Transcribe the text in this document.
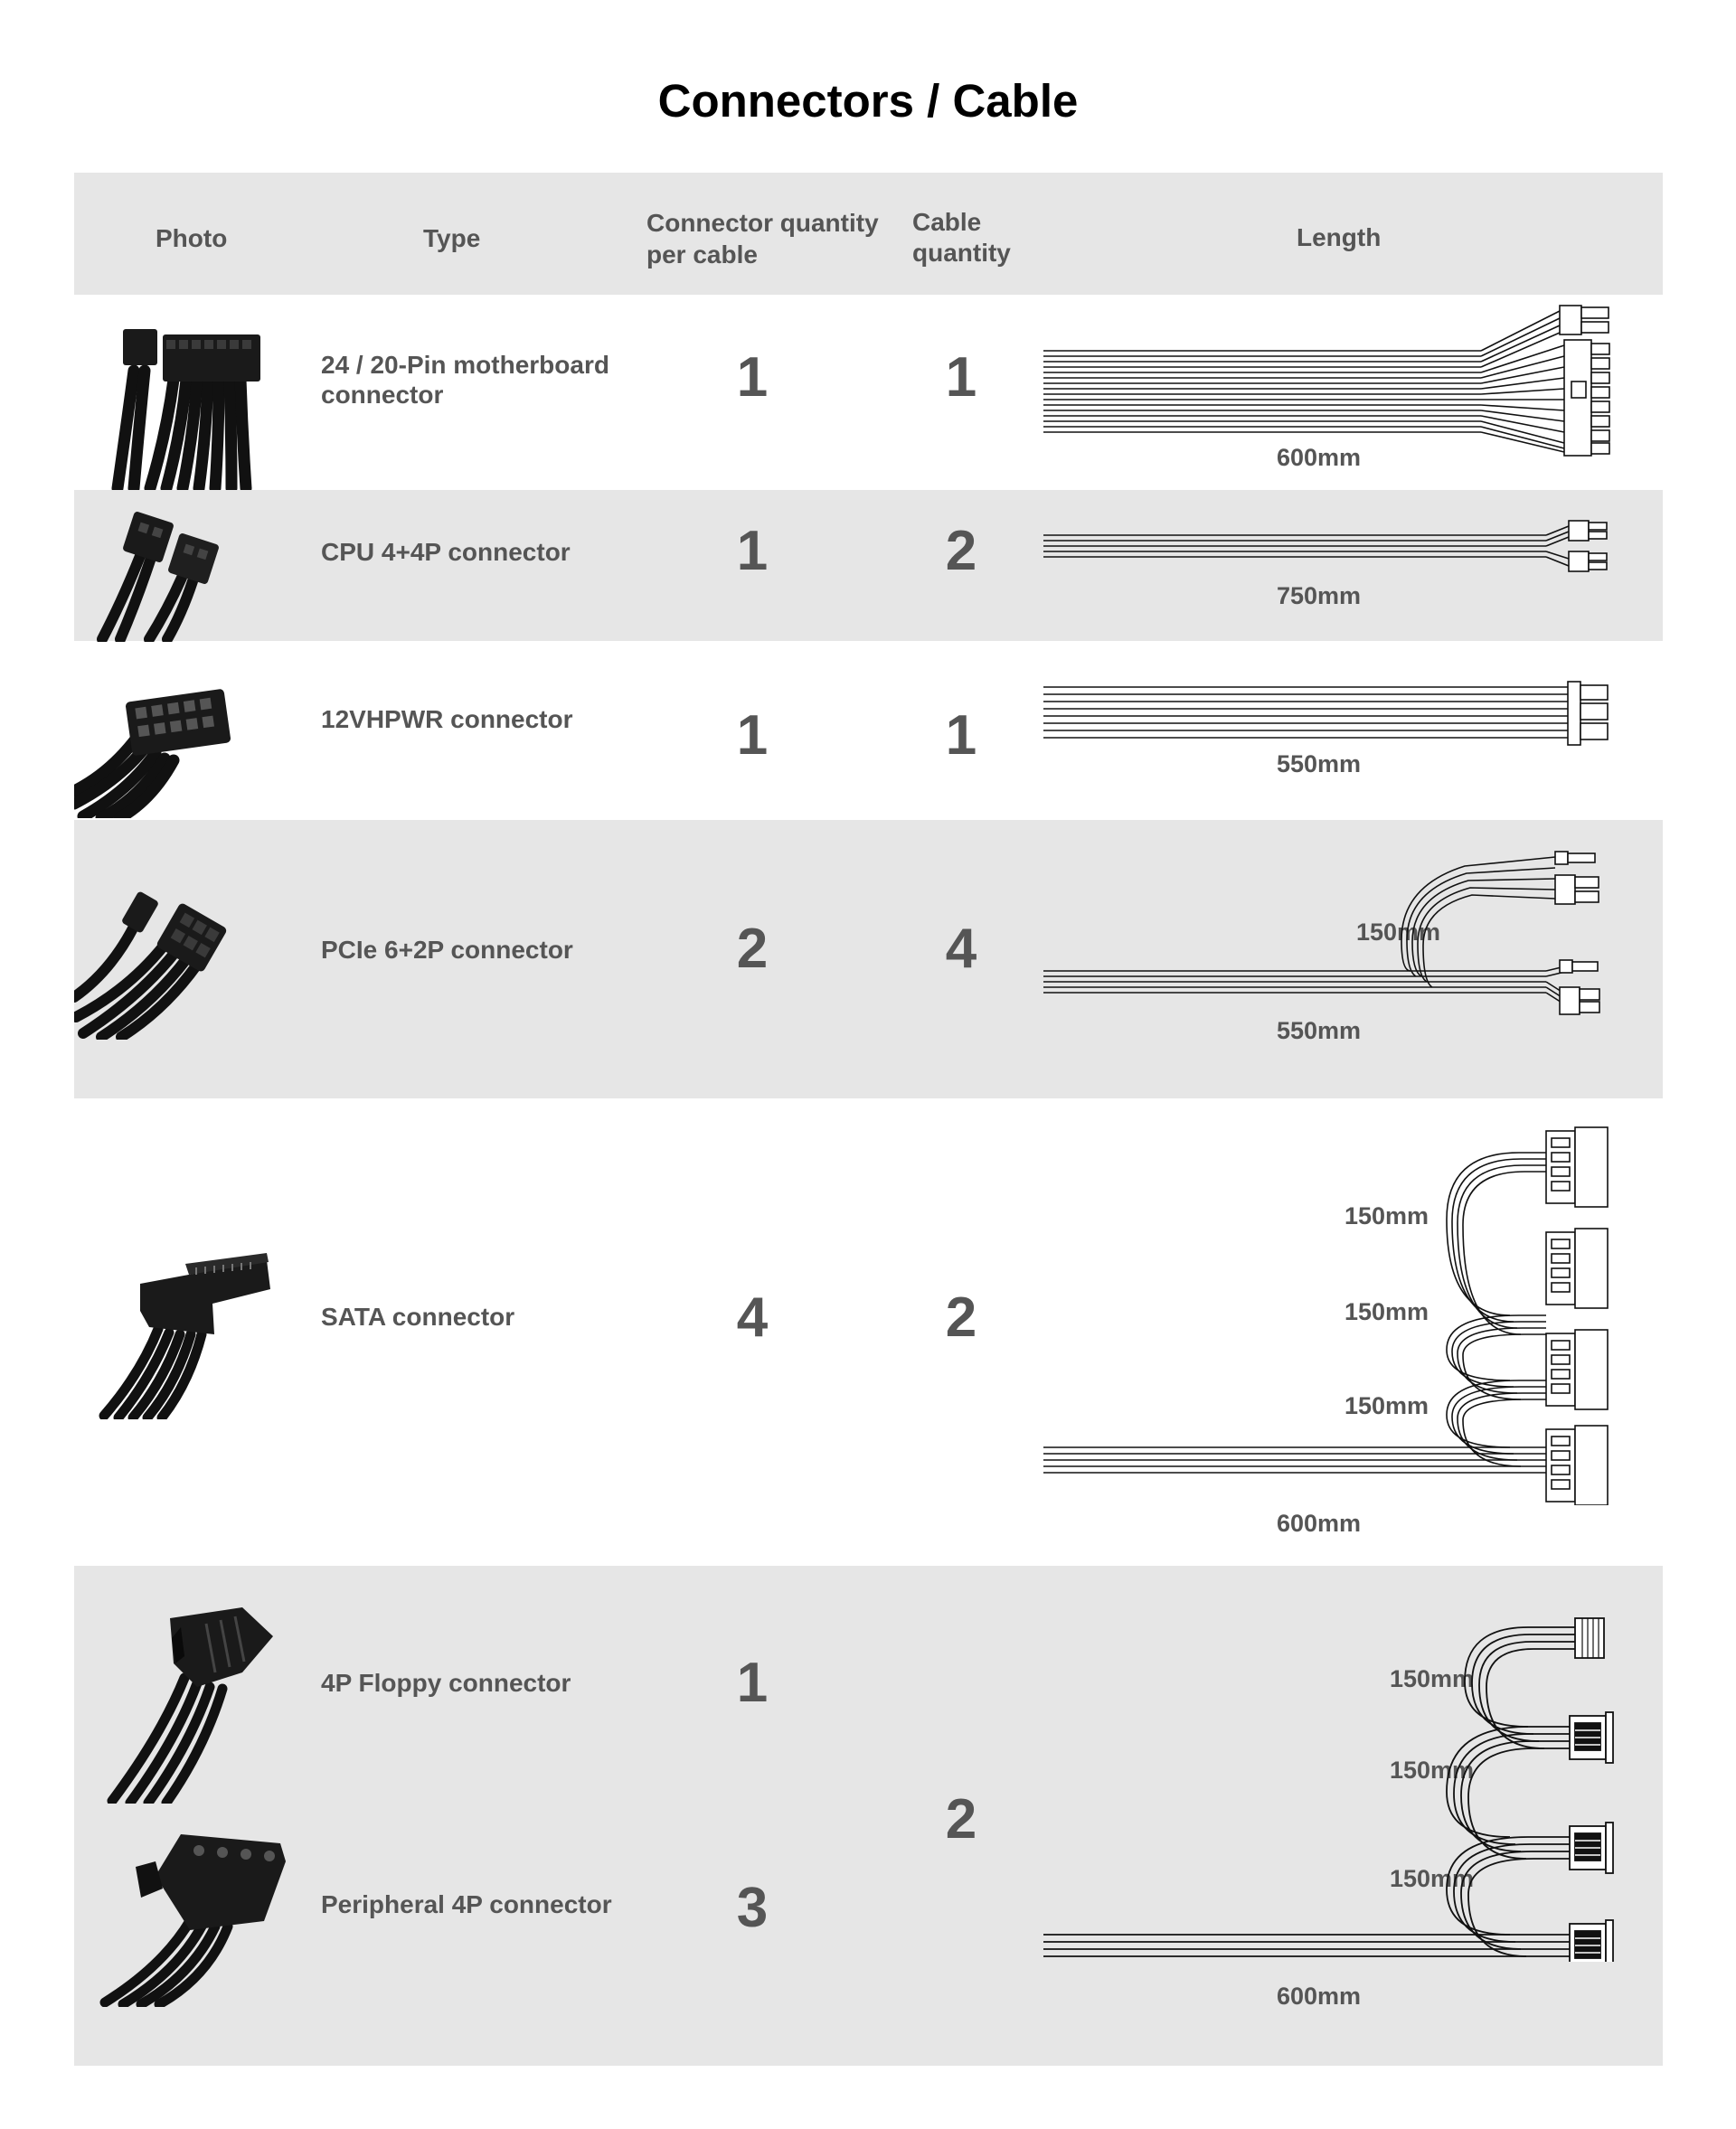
Connectors / Cable
Photo	Type
Connector quantity
per cable
Cable
quantity
Length
24 / 20-Pin motherboard
connector
CPU 4+4P connector
12VHPWR connector
PCIe 6+2P connector
SATA connector
4P Floppy connector
Peripheral 4P connector
1
1
1
2
4
1
3
1
2
1
4
2
2
600mm
750mm
550mm
150mm
550mm
150mm
150mm
150mm
600mm
150mm
150mm
150mm
600mm
